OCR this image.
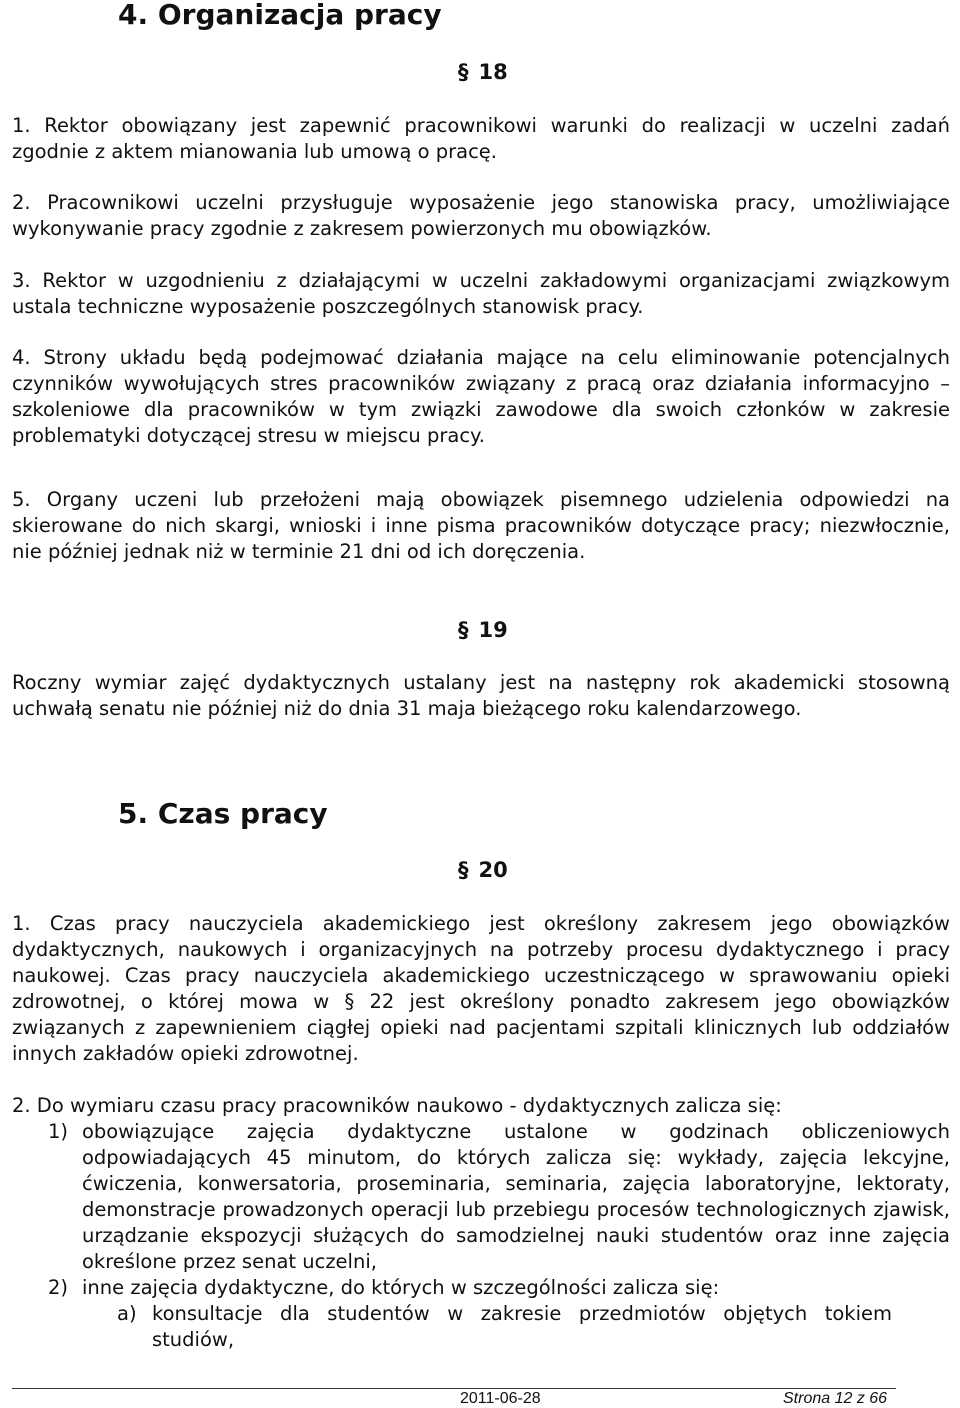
4. Organizacja pracy
§ 18

1. Rektor obowiązany jest zapewnić pracownikowi warunki do realizacji w uczelni zadań zgodnie z aktem mianowania lub umową o pracę.

2. Pracownikowi uczelni przysługuje wyposażenie jego stanowiska pracy, umożliwiające wykonywanie pracy zgodnie z zakresem powierzonych mu obowiązków.

3. Rektor w uzgodnieniu z działającymi w uczelni zakładowymi organizacjami związkowym ustala techniczne wyposażenie poszczególnych stanowisk pracy.

4. Strony układu będą podejmować działania mające na celu eliminowanie potencjalnych czynników wywołujących stres pracowników związany z pracą oraz działania informacyjno – szkoleniowe dla pracowników w tym związki zawodowe dla swoich członków w zakresie problematyki dotyczącej stresu w miejscu pracy.

5. Organy uczeni lub przełożeni mają obowiązek pisemnego udzielenia odpowiedzi na skierowane do nich skargi, wnioski i inne pisma pracowników dotyczące pracy; niezwłocznie, nie później jednak niż w terminie 21 dni od ich doręczenia.

§ 19

Roczny wymiar zajęć dydaktycznych ustalany jest na następny rok akademicki stosowną uchwałą senatu nie później niż do dnia 31 maja bieżącego roku kalendarzowego.

5. Czas pracy
§ 20

1. Czas pracy nauczyciela akademickiego jest określony zakresem jego obowiązków dydaktycznych, naukowych i organizacyjnych na potrzeby procesu dydaktycznego i pracy naukowej. Czas pracy nauczyciela akademickiego uczestniczącego w sprawowaniu opieki zdrowotnej, o której mowa w § 22 jest określony ponadto zakresem jego obowiązków związanych z zapewnieniem ciągłej opieki nad pacjentami szpitali klinicznych lub oddziałów innych zakładów opieki zdrowotnej.

2. Do wymiaru czasu pracy pracowników naukowo - dydaktycznych zalicza się:

1) obowiązujące zajęcia dydaktyczne ustalone w godzinach obliczeniowych odpowiadających 45 minutom, do których zalicza się: wykłady, zajęcia lekcyjne, ćwiczenia, konwersatoria, proseminaria, seminaria, zajęcia laboratoryjne, lektoraty, demonstracje prowadzonych operacji lub przebiegu procesów technologicznych zjawisk, urządzanie ekspozycji służących do samodzielnej nauki studentów oraz inne zajęcia określone przez senat uczelni,
2) inne zajęcia dydaktyczne, do których w szczególności zalicza się:
a) konsultacje dla studentów w zakresie przedmiotów objętych tokiem studiów,
2011-06-28	Strona 12 z 66
